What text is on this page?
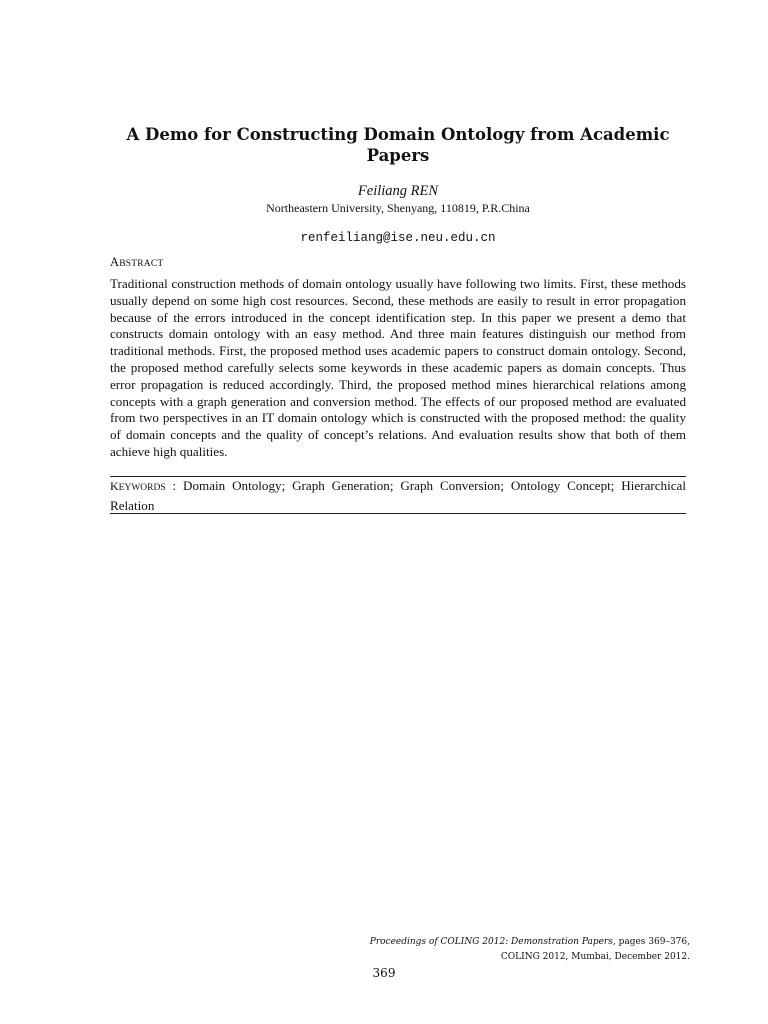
A Demo for Constructing Domain Ontology from Academic Papers
Feiliang REN
Northeastern University, Shenyang, 110819, P.R.China
renfeiliang@ise.neu.edu.cn
ABSTRACT
Traditional construction methods of domain ontology usually have following two limits. First, these methods usually depend on some high cost resources. Second, these methods are easily to result in error propagation because of the errors introduced in the concept identification step. In this paper we present a demo that constructs domain ontology with an easy method. And three main features distinguish our method from traditional methods. First, the proposed method uses academic papers to construct domain ontology. Second, the proposed method carefully selects some keywords in these academic papers as domain concepts. Thus error propagation is reduced accordingly. Third, the proposed method mines hierarchical relations among concepts with a graph generation and conversion method. The effects of our proposed method are evaluated from two perspectives in an IT domain ontology which is constructed with the proposed method: the quality of domain concepts and the quality of concept’s relations. And evaluation results show that both of them achieve high qualities.
KEYWORDS : Domain Ontology; Graph Generation; Graph Conversion; Ontology Concept; Hierarchical Relation
Proceedings of COLING 2012: Demonstration Papers, pages 369–376,
COLING 2012, Mumbai, December 2012.
369
